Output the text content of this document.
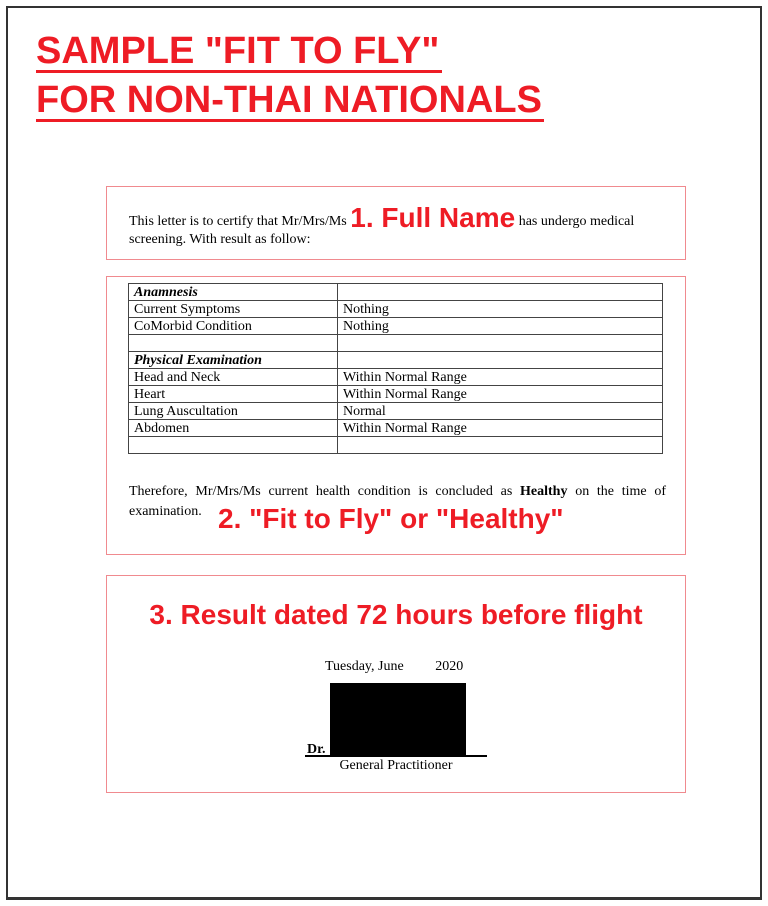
SAMPLE "FIT TO FLY"
FOR NON-THAI NATIONALS
This letter is to certify that Mr/Mrs/Ms 1. Full Name has undergo medical screening. With result as follow:
Anamnesis	
Current Symptoms	Nothing
CoMorbid Condition	Nothing

Physical Examination	
Head and Neck	Within Normal Range
Heart	Within Normal Range
Lung Auscultation	Normal
Abdomen	Within Normal Range

Therefore, Mr/Mrs/Ms current health condition is concluded as Healthy on the time of examination. 2. "Fit to Fly" or "Healthy"
3. Result dated 72 hours before flight
Tuesday, June         2020
Dr.
General Practitioner
